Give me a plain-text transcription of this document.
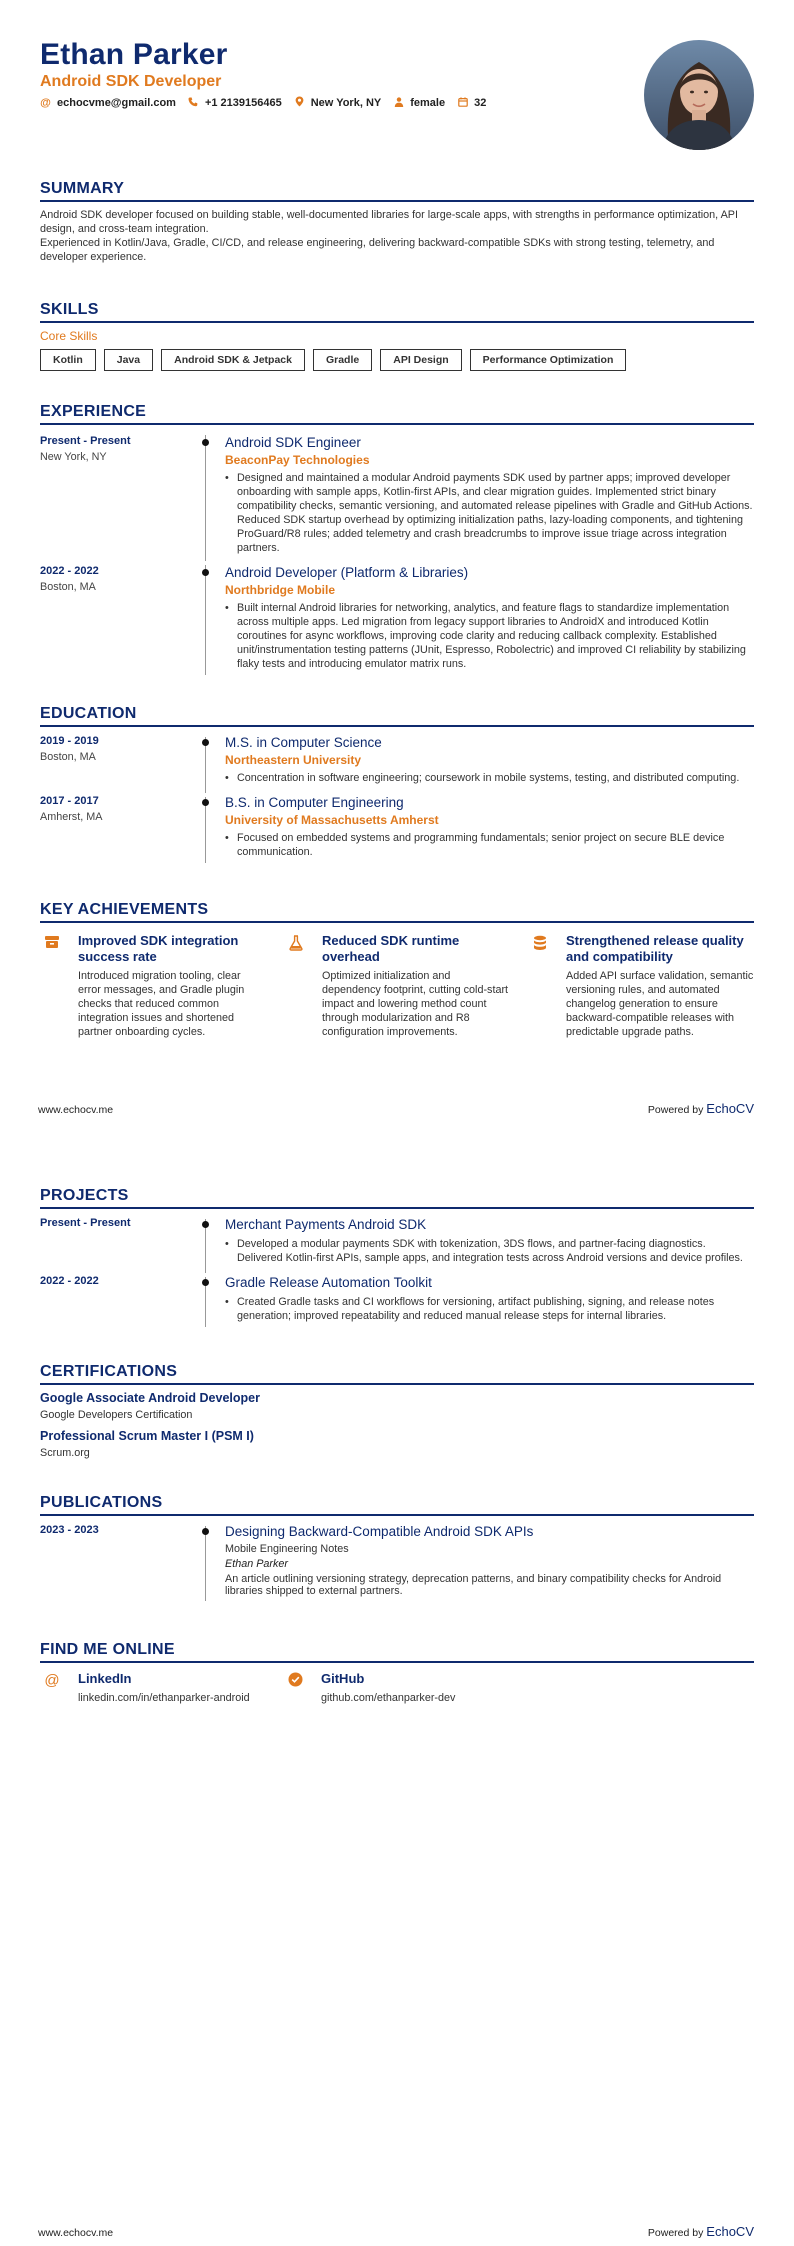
Ethan Parker
Android SDK Developer
@ echocvme@gmail.com	+1 2139156465	New York, NY	female	32
SUMMARY

Android SDK developer focused on building stable, well-documented libraries for large-scale apps, with strengths in performance optimization, API design, and cross-team integration.

Experienced in Kotlin/Java, Gradle, CI/CD, and release engineering, delivering backward-compatible SDKs with strong testing, telemetry, and developer experience.

SKILLS
Core Skills
Kotlin	Java	Android SDK & Jetpack	Gradle	API Design	Performance Optimization
EXPERIENCE
Present - Present
New York, NY
Android SDK Engineer
BeaconPay Technologies
• Designed and maintained a modular Android payments SDK used by partner apps; improved developer onboarding with sample apps, Kotlin-first APIs, and clear migration guides. Implemented strict binary compatibility checks, semantic versioning, and automated release pipelines with Gradle and GitHub Actions. Reduced SDK startup overhead by optimizing initialization paths, lazy-loading components, and tightening ProGuard/R8 rules; added telemetry and crash breadcrumbs to improve issue triage across integration partners.
2022 - 2022
Boston, MA
Android Developer (Platform & Libraries)
Northbridge Mobile
• Built internal Android libraries for networking, analytics, and feature flags to standardize implementation across multiple apps. Led migration from legacy support libraries to AndroidX and introduced Kotlin coroutines for async workflows, improving code clarity and reducing callback complexity. Established unit/instrumentation testing patterns (JUnit, Espresso, Robolectric) and improved CI reliability by stabilizing flaky tests and introducing emulator matrix runs.
EDUCATION
2019 - 2019
Boston, MA
M.S. in Computer Science
Northeastern University
• Concentration in software engineering; coursework in mobile systems, testing, and distributed computing.
2017 - 2017
Amherst, MA
B.S. in Computer Engineering
University of Massachusetts Amherst
• Focused on embedded systems and programming fundamentals; senior project on secure BLE device communication.
KEY ACHIEVEMENTS
Improved SDK integration success rate
Introduced migration tooling, clear error messages, and Gradle plugin checks that reduced common integration issues and shortened partner onboarding cycles.
Reduced SDK runtime overhead
Optimized initialization and dependency footprint, cutting cold-start impact and lowering method count through modularization and R8 configuration improvements.
Strengthened release quality and compatibility
Added API surface validation, semantic versioning rules, and automated changelog generation to ensure backward-compatible releases with predictable upgrade paths.
www.echocv.me	Powered by EchoCV
PROJECTS
Present - Present	Merchant Payments Android SDK
• Developed a modular payments SDK with tokenization, 3DS flows, and partner-facing diagnostics. Delivered Kotlin-first APIs, sample apps, and integration tests across Android versions and device profiles.
2022 - 2022	Gradle Release Automation Toolkit
• Created Gradle tasks and CI workflows for versioning, artifact publishing, signing, and release notes generation; improved repeatability and reduced manual release steps for internal libraries.
CERTIFICATIONS
Google Associate Android Developer
Google Developers Certification
Professional Scrum Master I (PSM I)
Scrum.org
PUBLICATIONS
2023 - 2023	Designing Backward-Compatible Android SDK APIs
Mobile Engineering Notes
Ethan Parker
An article outlining versioning strategy, deprecation patterns, and binary compatibility checks for Android libraries shipped to external partners.
FIND ME ONLINE
@	LinkedIn
linkedin.com/in/ethanparker-android
GitHub
github.com/ethanparker-dev
www.echocv.me	Powered by EchoCV
